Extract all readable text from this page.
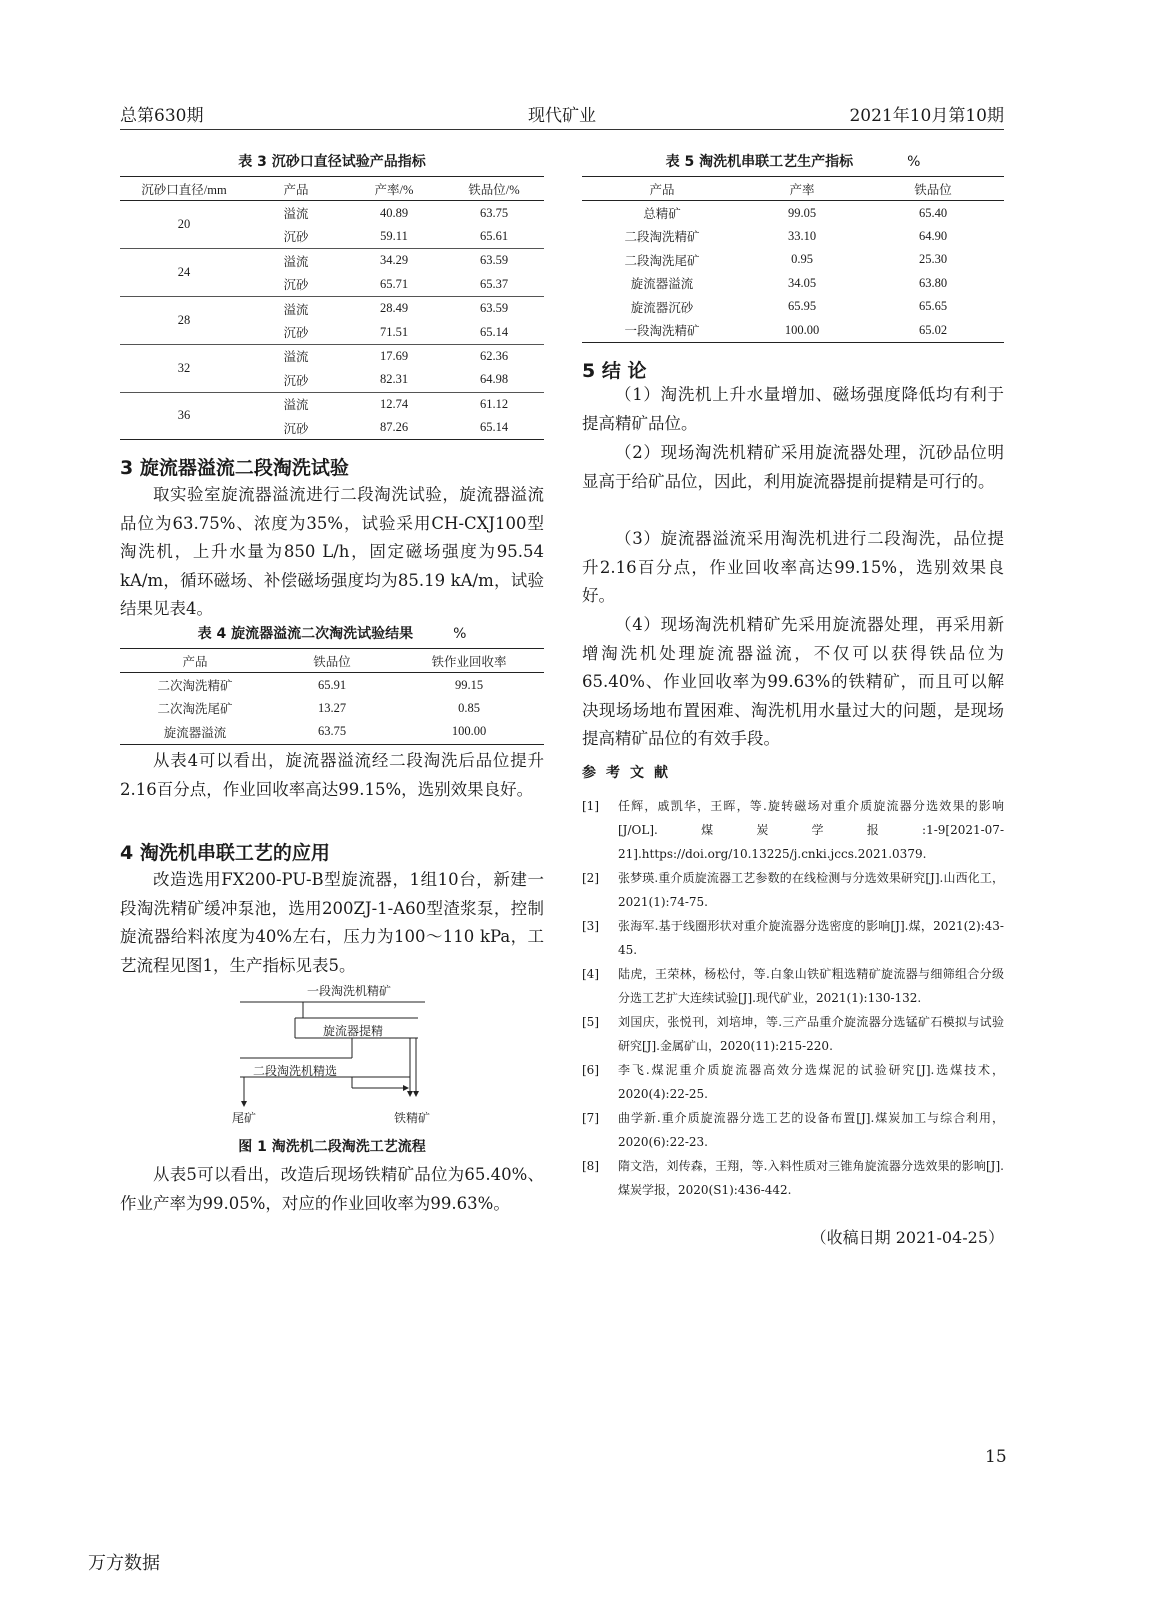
总第630期	现代矿业	2021年10月第10期
表 3 沉砂口直径试验产品指标
沉砂口直径/mm	产品	产率/%	铁品位/%
20	溢流	40.89	63.75
	沉砂	59.11	65.61
24	溢流	34.29	63.59
	沉砂	65.71	65.37
28	溢流	28.49	63.59
	沉砂	71.51	65.14
32	溢流	17.69	62.36
	沉砂	82.31	64.98
36	溢流	12.74	61.12
	沉砂	87.26	65.14
3 旋流器溢流二段淘洗试验

取实验室旋流器溢流进行二段淘洗试验，旋流器溢流品位为63.75%、浓度为35%，试验采用CH-CXJ100型淘洗机，上升水量为850 L/h，固定磁场强度为95.54 kA/m，循环磁场、补偿磁场强度均为85.19 kA/m，试验结果见表4。

表 4 旋流器溢流二次淘洗试验结果	%
产品	铁品位	铁作业回收率
二次淘洗精矿	65.91	99.15
二次淘洗尾矿	13.27	0.85
旋流器溢流	63.75	100.00

从表4可以看出，旋流器溢流经二段淘洗后品位提升2.16百分点，作业回收率高达99.15%，选别效果良好。

4 淘洗机串联工艺的应用

改造选用FX200-PU-B型旋流器，1组10台，新建一段淘洗精矿缓冲泵池，选用200ZJ-1-A60型渣浆泵，控制旋流器给料浓度为40%左右，压力为100～110 kPa，工艺流程见图1，生产指标见表5。

一段淘洗机精矿
旋流器提精
二段淘洗机精选
尾矿	铁精矿
图 1 淘洗机二段淘洗工艺流程

从表5可以看出，改造后现场铁精矿品位为65.40%、作业产率为99.05%，对应的作业回收率为99.63%。

表 5 淘洗机串联工艺生产指标	%
产品	产率	铁品位
总精矿	99.05	65.40
二段淘洗精矿	33.10	64.90
二段淘洗尾矿	0.95	25.30
旋流器溢流	34.05	63.80
旋流器沉砂	65.95	65.65
一段淘洗精矿	100.00	65.02
5 结 论

（1）淘洗机上升水量增加、磁场强度降低均有利于提高精矿品位。

（2）现场淘洗机精矿采用旋流器处理，沉砂品位明显高于给矿品位，因此，利用旋流器提前提精是可行的。

（3）旋流器溢流采用淘洗机进行二段淘洗，品位提升2.16百分点，作业回收率高达99.15%，选别效果良好。

（4）现场淘洗机精矿先采用旋流器处理，再采用新增淘洗机处理旋流器溢流，不仅可以获得铁品位为65.40%、作业回收率为99.63%的铁精矿，而且可以解决现场场地布置困难、淘洗机用水量过大的问题，是现场提高精矿品位的有效手段。

参考文献
[1] 任辉，戚凯华，王晖，等.旋转磁场对重介质旋流器分选效果的影响[J/OL].煤炭学报:1-9[2021-07-21].https://doi.org/10.13225/j.cnki.jccs.2021.0379.
[2] 张梦瑛.重介质旋流器工艺参数的在线检测与分选效果研究[J].山西化工，2021(1):74-75.
[3] 张海军.基于线圈形状对重介旋流器分选密度的影响[J].煤，2021(2):43-45.
[4] 陆虎，王荣林，杨松付，等.白象山铁矿粗选精矿旋流器与细筛组合分级分选工艺扩大连续试验[J].现代矿业，2021(1):130-132.
[5] 刘国庆，张悦刊，刘培坤，等.三产品重介旋流器分选锰矿石模拟与试验研究[J].金属矿山，2020(11):215-220.
[6] 李飞.煤泥重介质旋流器高效分选煤泥的试验研究[J].选煤技术，2020(4):22-25.
[7] 曲学新.重介质旋流器分选工艺的设备布置[J].煤炭加工与综合利用，2020(6):22-23.
[8] 隋文浩，刘传森，王翔，等.入料性质对三锥角旋流器分选效果的影响[J].煤炭学报，2020(S1):436-442.
（收稿日期 2021-04-25）
15
万方数据
